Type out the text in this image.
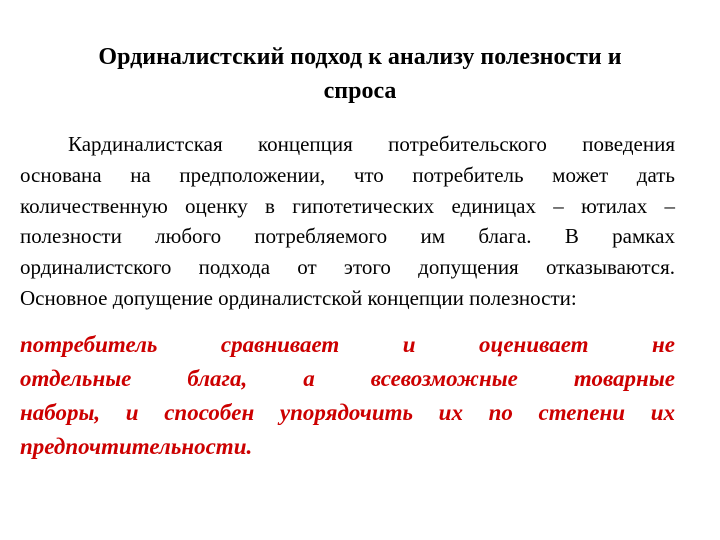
Ординалистский подход к анализу полезности и
спроса
Кардиналистская концепция потребительского поведения
основана на предположении, что потребитель может дать
количественную оценку в гипотетических единицах – ютилах –
полезности любого потребляемого им блага. В рамках
ординалистского подхода от этого допущения отказываются.
Основное допущение ординалистской концепции полезности:
потребитель сравнивает и оценивает не
отдельные блага, а всевозможные товарные
наборы, и способен упорядочить их по степени их
предпочтительности.
